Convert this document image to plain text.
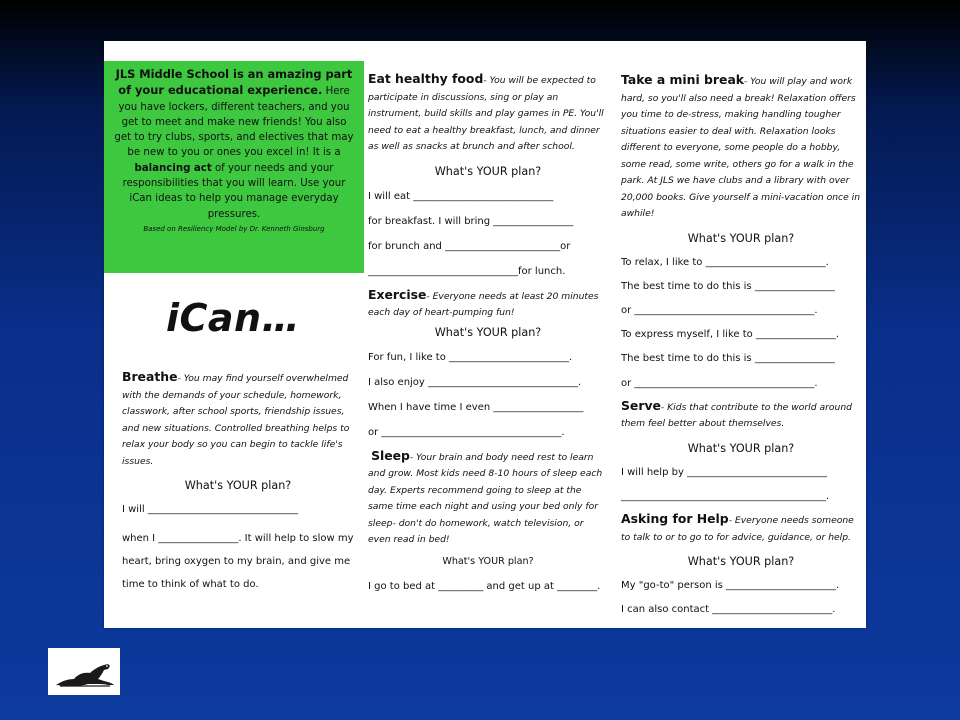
JLS Middle School is an amazing part of your educational experience. Here you have lockers, different teachers, and you get to meet and make new friends! You also get to try clubs, sports, and electives that may be new to you or ones you excel in! It is a balancing act of your needs and your responsibilities that you will learn. Use your iCan ideas to help you manage everyday pressures.
Based on Resiliency Model by Dr. Kenneth Ginsburg
iCan…
Breathe- You may find yourself overwhelmed with the demands of your schedule, homework, classwork, after school sports, friendship issues, and new situations. Controlled breathing helps to relax your body so you can begin to tackle life's issues.
What's YOUR plan?
I will ______________________________
when I ________________. It will help to slow my heart, bring oxygen to my brain, and give me time to think of what to do.
Eat healthy food- You will be expected to participate in discussions, sing or play an instrument, build skills and play games in PE. You'll need to eat a healthy breakfast, lunch, and dinner as well as snacks at brunch and after school.
What's YOUR plan?
I will eat ____________________________
for breakfast. I will bring ________________
for brunch and _______________________or
______________________________for lunch.
Exercise- Everyone needs at least 20 minutes each day of heart-pumping fun!
What's YOUR plan?
For fun, I like to ________________________.
I also enjoy ______________________________.
When I have time I even __________________
or ____________________________________.
Sleep- Your brain and body need rest to learn and grow. Most kids need 8-10 hours of sleep each day. Experts recommend going to sleep at the same time each night and using your bed only for sleep- don't do homework, watch television, or even read in bed!
What's YOUR plan?
I go to bed at _________ and get up at ________.
Take a mini break- You will play and work hard, so you'll also need a break! Relaxation offers you time to de-stress, making handling tougher situations easier to deal with. Relaxation looks different to everyone, some people do a hobby, some read, some write, others go for a walk in the park. At JLS we have clubs and a library with over 20,000 books. Give yourself a mini-vacation once in awhile!
What's YOUR plan?
To relax, I like to ________________________.
The best time to do this is ________________
or ____________________________________.
To express myself, I like to ________________.
The best time to do this is ________________
or ____________________________________.
Serve- Kids that contribute to the world around them feel better about themselves.
What's YOUR plan?
I will help by ____________________________
_________________________________________.
Asking for Help- Everyone needs someone to talk to or to go to for advice, guidance, or help.
What's YOUR plan?
My "go-to" person is ______________________.
I can also contact ________________________.
